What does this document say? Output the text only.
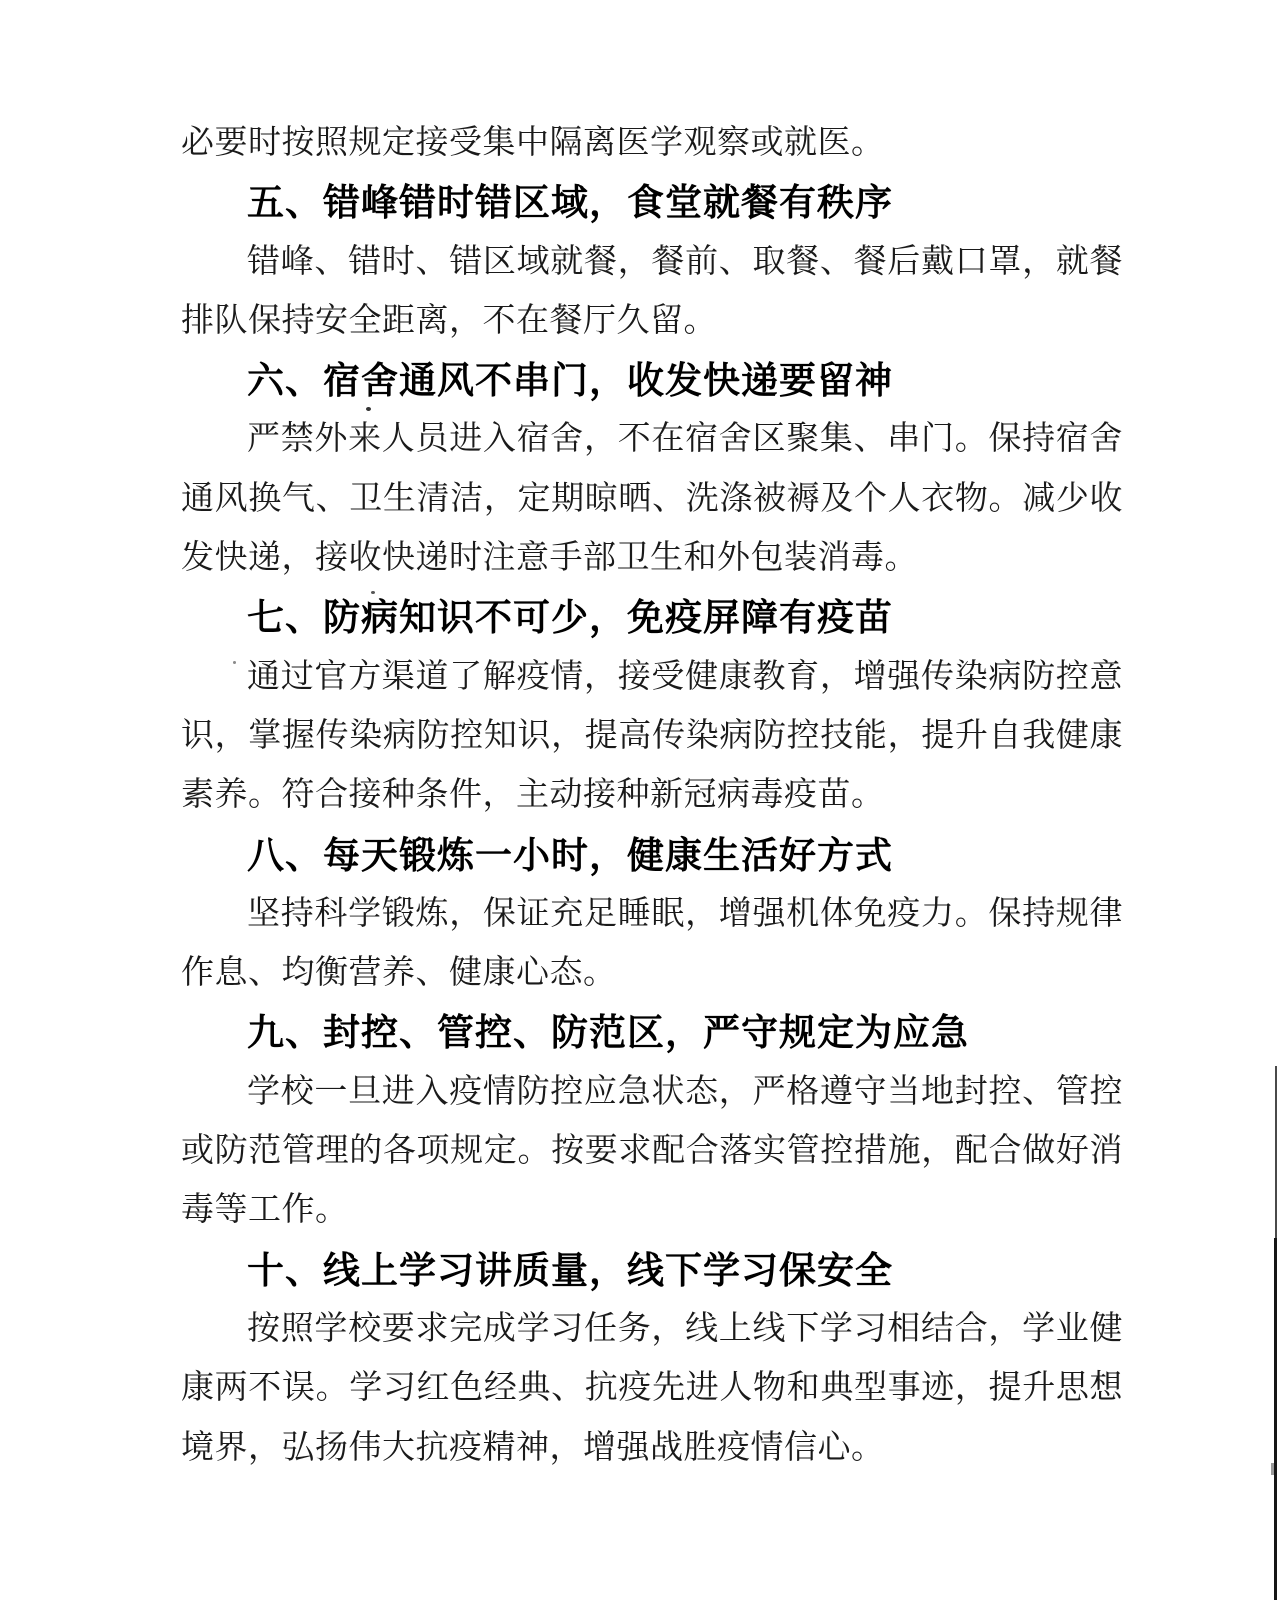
必要时按照规定接受集中隔离医学观察或就医。
五、错峰错时错区域，食堂就餐有秩序
错峰、错时、错区域就餐，餐前、取餐、餐后戴口罩，就餐
排队保持安全距离，不在餐厅久留。
六、宿舍通风不串门，收发快递要留神
严禁外来人员进入宿舍，不在宿舍区聚集、串门。保持宿舍
通风换气、卫生清洁，定期晾晒、洗涤被褥及个人衣物。减少收
发快递，接收快递时注意手部卫生和外包装消毒。
七、防病知识不可少，免疫屏障有疫苗
通过官方渠道了解疫情，接受健康教育，增强传染病防控意
识，掌握传染病防控知识，提高传染病防控技能，提升自我健康
素养。符合接种条件，主动接种新冠病毒疫苗。
八、每天锻炼一小时，健康生活好方式
坚持科学锻炼，保证充足睡眠，增强机体免疫力。保持规律
作息、均衡营养、健康心态。
九、封控、管控、防范区，严守规定为应急
学校一旦进入疫情防控应急状态，严格遵守当地封控、管控
或防范管理的各项规定。按要求配合落实管控措施，配合做好消
毒等工作。
十、线上学习讲质量，线下学习保安全
按照学校要求完成学习任务，线上线下学习相结合，学业健
康两不误。学习红色经典、抗疫先进人物和典型事迹，提升思想
境界，弘扬伟大抗疫精神，增强战胜疫情信心。
